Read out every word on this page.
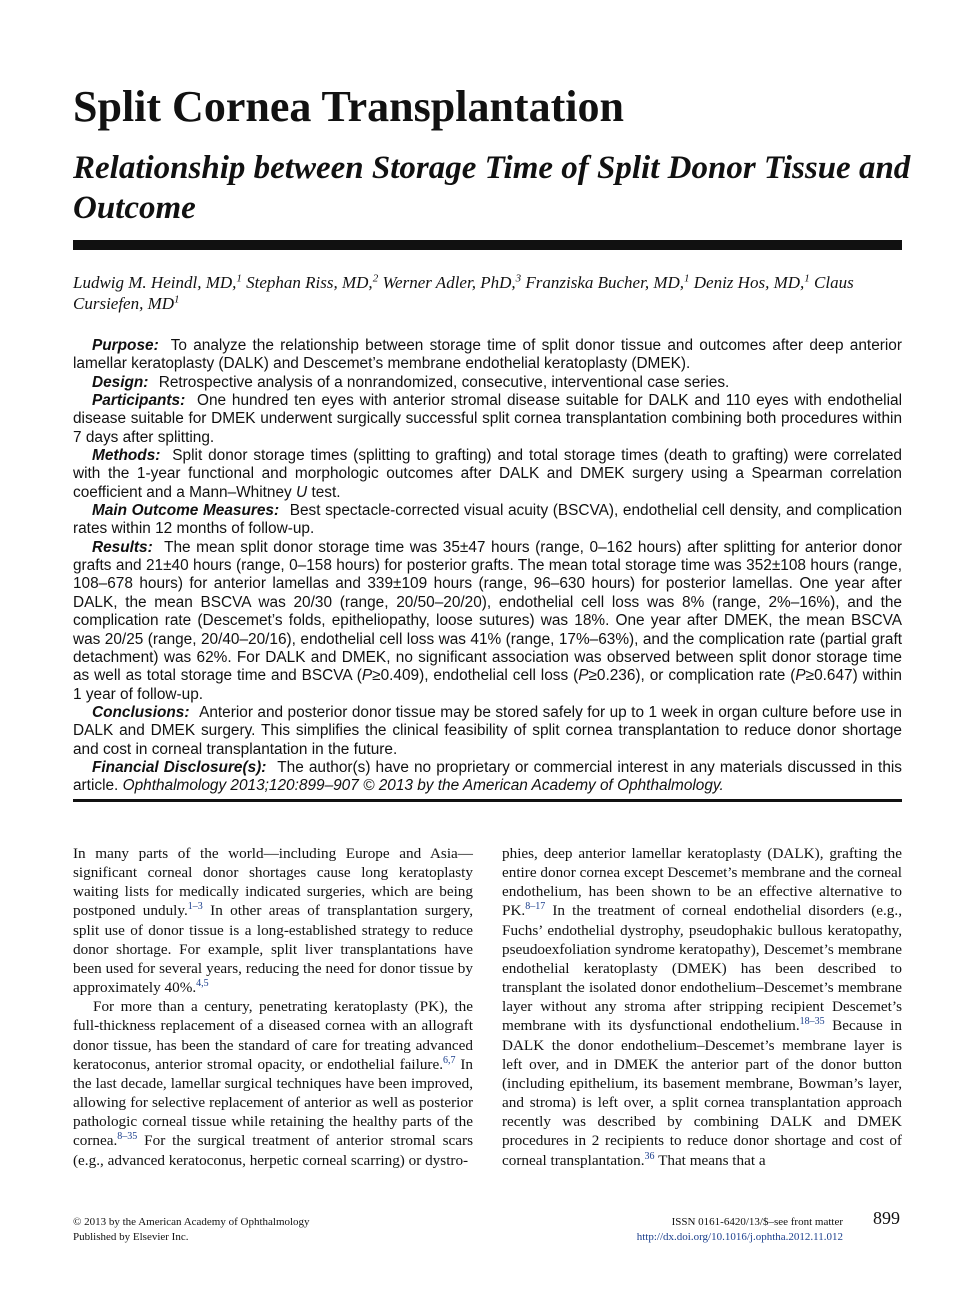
Split Cornea Transplantation
Relationship between Storage Time of Split Donor Tissue and Outcome
Ludwig M. Heindl, MD,$^1$ Stephan Riss, MD,$^2$ Werner Adler, PhD,$^3$ Franziska Bucher, MD,$^1$ Deniz Hos, MD,$^1$ Claus Cursiefen, $MD^1$

Purpose: To analyze the relationship between storage time of split donor tissue and outcomes after deep anterior lamellar keratoplasty (DALK) and Descemet’s membrane endothelial keratoplasty (DMEK).

Design: Retrospective analysis of a nonrandomized, consecutive, interventional case series.

Participants: One hundred ten eyes with anterior stromal disease suitable for DALK and 110 eyes with endothelial disease suitable for DMEK underwent surgically successful split cornea transplantation combining both procedures within 7 days after splitting.

Methods: Split donor storage times (splitting to grafting) and total storage times (death to grafting) were correlated with the 1-year functional and morphologic outcomes after DALK and DMEK surgery using a Spearman correlation coefficient and a Mann–Whitney U test.

Main Outcome Measures: Best spectacle-corrected visual acuity (BSCVA), endothelial cell density, and complication rates within 12 months of follow-up.

Results: The mean split donor storage time was 35±47 hours (range, 0–162 hours) after splitting for anterior donor grafts and 21±40 hours (range, 0–158 hours) for posterior grafts. The mean total storage time was 352±108 hours (range, 108–678 hours) for anterior lamellas and 339±109 hours (range, 96–630 hours) for posterior lamellas. One year after DALK, the mean BSCVA was 20/30 (range, 20/50–20/20), endothelial cell loss was 8% (range, 2%–16%), and the complication rate (Descemet’s folds, epitheliopathy, loose sutures) was 18%. One year after DMEK, the mean BSCVA was 20/25 (range, 20/40–20/16), endothelial cell loss was 41% (range, 17%–63%), and the complication rate (partial graft detachment) was 62%. For DALK and DMEK, no significant association was observed between split donor storage time as well as total storage time and BSCVA (P≥0.409), endothelial cell loss (P≥0.236), or complication rate (P≥0.647) within 1 year of follow-up.

Conclusions: Anterior and posterior donor tissue may be stored safely for up to 1 week in organ culture before use in DALK and DMEK surgery. This simplifies the clinical feasibility of split cornea transplantation to reduce donor shortage and cost in corneal transplantation in the future.

Financial Disclosure(s): The author(s) have no proprietary or commercial interest in any materials discussed in this article. Ophthalmology 2013;120:899–907 © 2013 by the American Academy of Ophthalmology.

In many parts of the world—including Europe and Asia—significant corneal donor shortages cause long keratoplasty waiting lists for medically indicated surgeries, which are being postponed unduly.$^{1-3}$ In other areas of transplantation surgery, split use of donor tissue is a long-established strategy to reduce donor shortage. For example, split liver transplantations have been used for several years, reducing the need for donor tissue by approximately 40%.$^{4,5}$

For more than a century, penetrating keratoplasty (PK), the full-thickness replacement of a diseased cornea with an allograft donor tissue, has been the standard of care for treating advanced keratoconus, anterior stromal opacity, or endothelial failure.$^{6,7}$ In the last decade, lamellar surgical techniques have been improved, allowing for selective replacement of anterior as well as posterior pathologic corneal tissue while retaining the healthy parts of the cornea.$^{8-35}$ For the surgical treatment of anterior stromal scars (e.g., advanced keratoconus, herpetic corneal scarring) or dystro-

phies, deep anterior lamellar keratoplasty (DALK), grafting the entire donor cornea except Descemet’s membrane and the corneal endothelium, has been shown to be an effective alternative to PK.$^{8-17}$ In the treatment of corneal endothelial disorders (e.g., Fuchs’ endothelial dystrophy, pseudophakic bullous keratopathy, pseudoexfoliation syndrome keratopathy), Descemet’s membrane endothelial keratoplasty (DMEK) has been described to transplant the isolated donor endothelium–Descemet’s membrane layer without any stroma after stripping recipient Descemet’s membrane with its dysfunctional endothelium.$^{18-35}$ Because in DALK the donor endothelium–Descemet’s membrane layer is left over, and in DMEK the anterior part of the donor button (including epithelium, its basement membrane, Bowman’s layer, and stroma) is left over, a split cornea transplantation approach recently was described by combining DALK and DMEK procedures in 2 recipients to reduce donor shortage and cost of corneal transplantation.$^{36}$ That means that a

© 2013 by the American Academy of Ophthalmology
Published by Elsevier Inc.
ISSN 0161-6420/13/$–see front matter
http://dx.doi.org/10.1016/j.ophtha.2012.11.012
899
